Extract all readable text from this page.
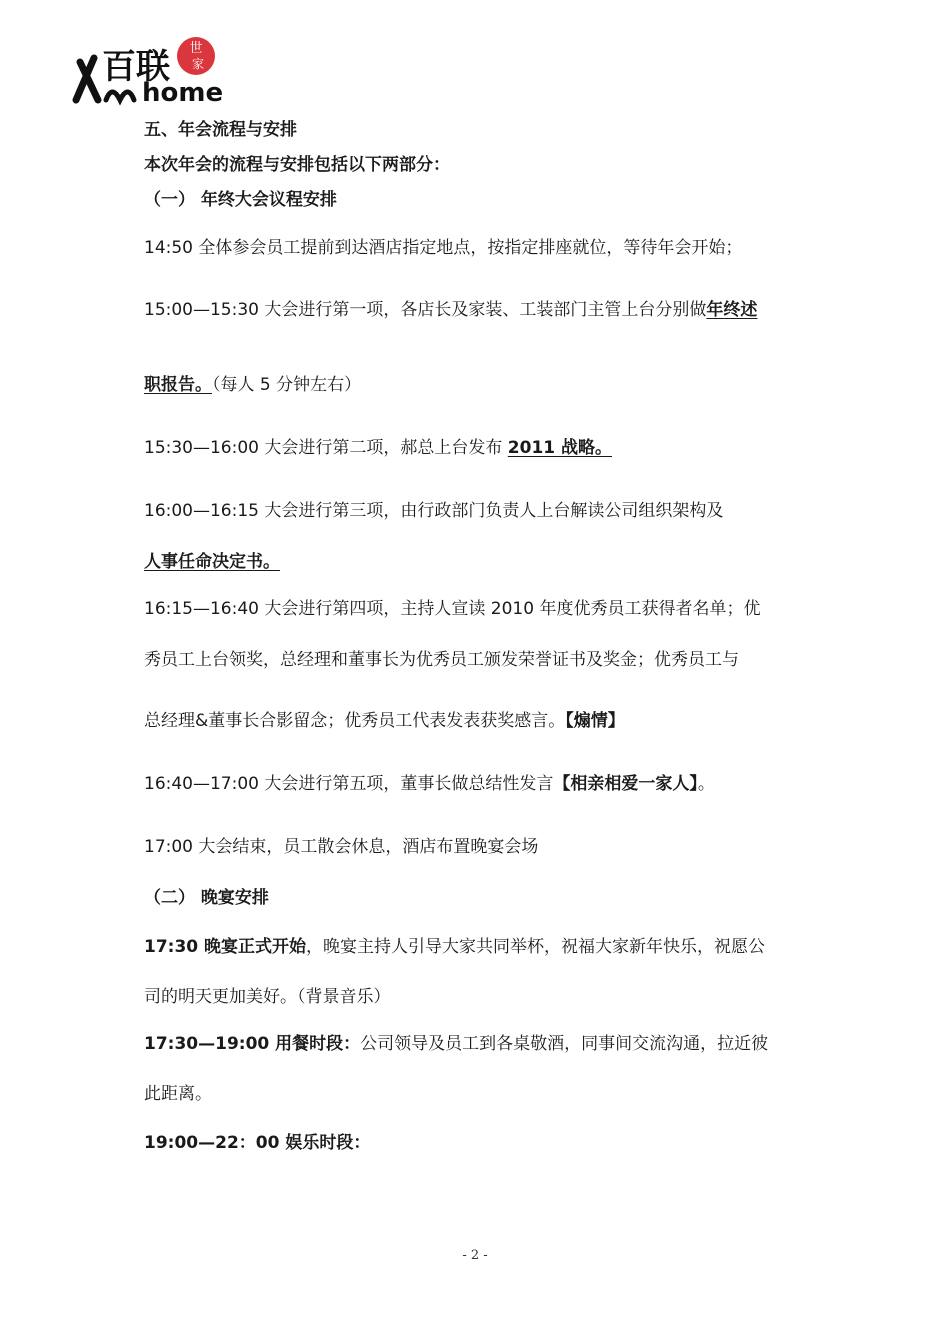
世
家
百联
home
五、年会流程与安排
本次年会的流程与安排包括以下两部分：
（一） 年终大会议程安排
14:50 全体参会员工提前到达酒店指定地点，按指定排座就位，等待年会开始；
15:00—15:30 大会进行第一项，各店长及家装、工装部门主管上台分别做年终述
职报告。（每人 5 分钟左右）
15:30—16:00 大会进行第二项，郝总上台发布 2011 战略。
16:00—16:15 大会进行第三项，由行政部门负责人上台解读公司组织架构及
人事任命决定书。
16:15—16:40 大会进行第四项，主持人宣读 2010 年度优秀员工获得者名单；优
秀员工上台领奖，总经理和董事长为优秀员工颁发荣誉证书及奖金；优秀员工与
总经理&董事长合影留念；优秀员工代表发表获奖感言。【煽情】
16:40—17:00 大会进行第五项，董事长做总结性发言【相亲相爱一家人】。
17:00 大会结束，员工散会休息，酒店布置晚宴会场
（二） 晚宴安排
17:30 晚宴正式开始，晚宴主持人引导大家共同举杯，祝福大家新年快乐，祝愿公
司的明天更加美好。（背景音乐）
17:30—19:00 用餐时段：公司领导及员工到各桌敬酒，同事间交流沟通，拉近彼
此距离。
19:00—22：00 娱乐时段：
- 2 -
